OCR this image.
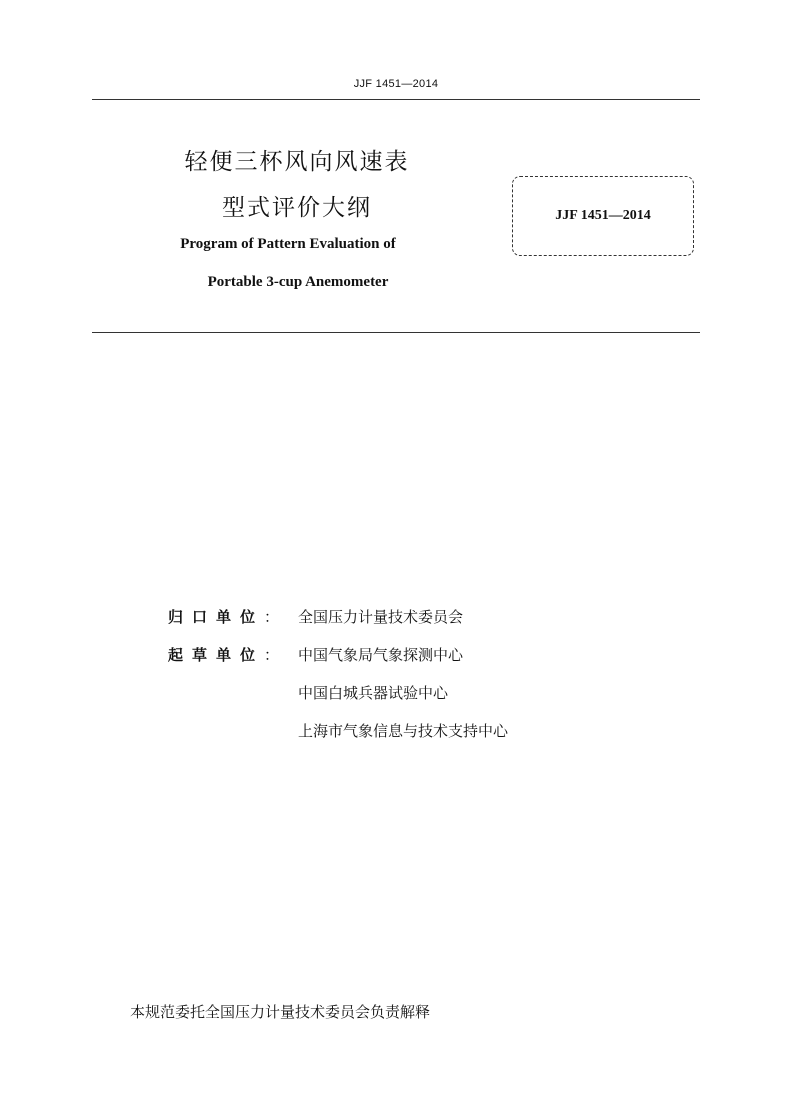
JJF 1451—2014
轻便三杯风向风速表
型式评价大纲
Program of Pattern Evaluation of
Portable 3-cup Anemometer
JJF 1451—2014
归口单位：	全国压力计量技术委员会
起草单位：	中国气象局气象探测中心
中国白城兵器试验中心
上海市气象信息与技术支持中心
本规范委托全国压力计量技术委员会负责解释
